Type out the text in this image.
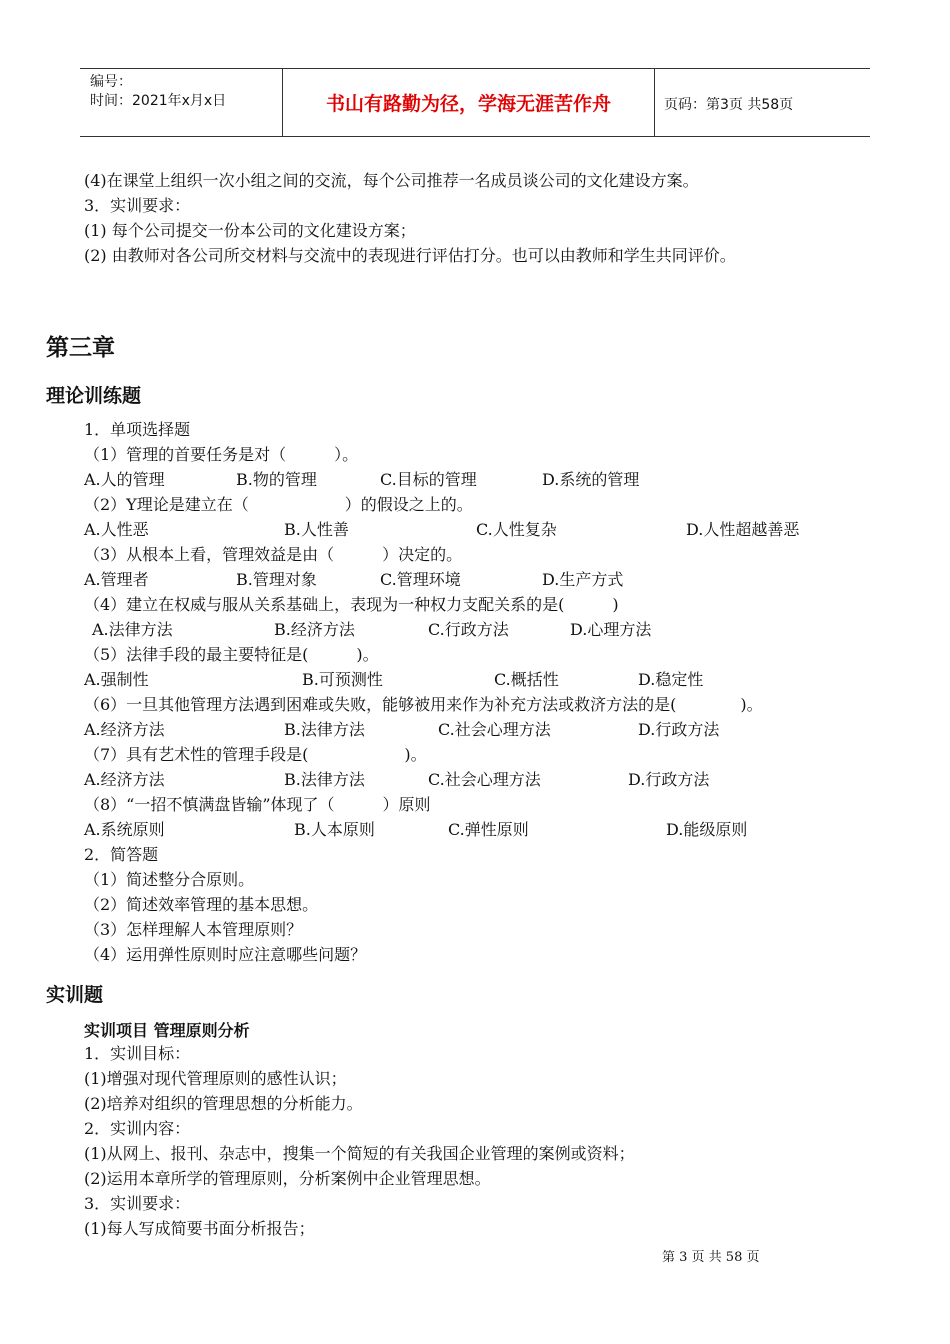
编号：
时间：2021年x月x日	书山有路勤为径，学海无涯苦作舟	页码：第3页 共58页
(4)在课堂上组织一次小组之间的交流，每个公司推荐一名成员谈公司的文化建设方案。
3．实训要求：
(1) 每个公司提交一份本公司的文化建设方案；
(2) 由教师对各公司所交材料与交流中的表现进行评估打分。也可以由教师和学生共同评价。
第三章
理论训练题
1．单项选择题
（1）管理的首要任务是对（　　　）。
A.人的管理	B.物的管理	C.目标的管理	D.系统的管理
（2）Y理论是建立在（　　　　　　）的假设之上的。
A.人性恶	B.人性善	C.人性复杂	D.人性超越善恶
（3）从根本上看，管理效益是由（　　　）决定的。
A.管理者	B.管理对象	C.管理环境	D.生产方式
（4）建立在权威与服从关系基础上，表现为一种权力支配关系的是(　　　)
A.法律方法	B.经济方法	C.行政方法	D.心理方法
（5）法律手段的最主要特征是(　　　)。
A.强制性	B.可预测性	C.概括性	D.稳定性
（6）一旦其他管理方法遇到困难或失败，能够被用来作为补充方法或救济方法的是(　　　　)。
A.经济方法	B.法律方法	C.社会心理方法	D.行政方法
（7）具有艺术性的管理手段是(　　　　　　)。
A.经济方法	B.法律方法	C.社会心理方法	D.行政方法
（8）“一招不慎满盘皆输”体现了（　　　）原则
A.系统原则	B.人本原则	C.弹性原则	D.能级原则
2．简答题
（1）简述整分合原则。
（2）简述效率管理的基本思想。
（3）怎样理解人本管理原则？
（4）运用弹性原则时应注意哪些问题？
实训题
实训项目 管理原则分析
1．实训目标：
(1)增强对现代管理原则的感性认识；
(2)培养对组织的管理思想的分析能力。
2．实训内容：
(1)从网上、报刊、杂志中，搜集一个简短的有关我国企业管理的案例或资料；
(2)运用本章所学的管理原则，分析案例中企业管理思想。
3．实训要求：
(1)每人写成简要书面分析报告；
第 3 页 共 58 页
